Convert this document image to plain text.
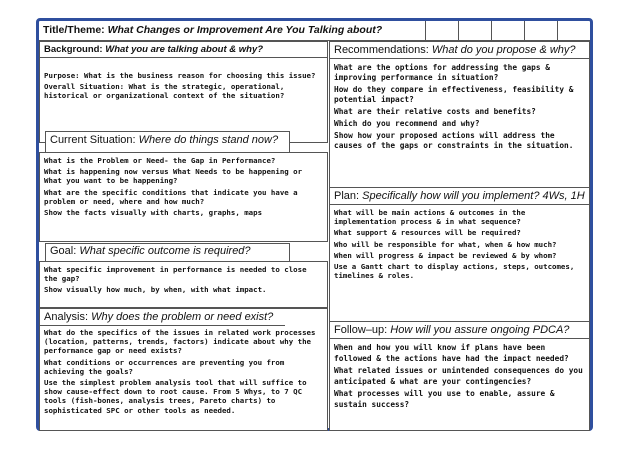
Title/Theme: What Changes or Improvement Are You Talking about?
Background: What you are talking about & why?

Purpose: What is the business reason for choosing this issue?

Overall Situation: What is the strategic, operational, historical or organizational context of the situation?

Current Situation: Where do things stand now?

What is the Problem or Need- the Gap in Performance?

What is happening now versus What Needs to be happening or What you want to be happening?

What are the specific conditions that indicate you have a problem or need, where and how much?

Show the facts visually with charts, graphs, maps

Goal: What specific outcome is required?

What specific improvement in performance is needed to close the gap?

Show visually how much, by when, with what impact.

Analysis: Why does the problem or need exist?

What do the specifics of the issues in related work processes (location, patterns, trends, factors) indicate about why the performance gap or need exists?

What conditions or occurrences are preventing you from achieving the goals?

Use the simplest problem analysis tool that will suffice to show cause-effect down to root cause. From 5 Whys, to 7 QC tools (fish-bones, analysis trees, Pareto charts) to sophisticated SPC or other tools as needed.

Recommendations: What do you propose & why?

What are the options for addressing the gaps & improving performance in situation?

How do they compare in effectiveness, feasibility & potential impact?

What are their relative costs and benefits?

Which do you recommend and why?

Show how your proposed actions will address the causes of the gaps or constraints in the situation.

Plan: Specifically how will you implement? 4Ws, 1H

What will be main actions & outcomes in the implementation process & in what sequence?

What support & resources will be required?

Who will be responsible for what, when & how much?

When will progress & impact be reviewed & by whom?

Use a Gantt chart to display actions, steps, outcomes, timelines & roles.

Follow–up: How will you assure ongoing PDCA?

When and how you will know if plans have been followed & the actions have had the impact needed?

What related issues or unintended consequences do you anticipated & what are your contingencies?

What processes will you use to enable, assure & sustain success?
